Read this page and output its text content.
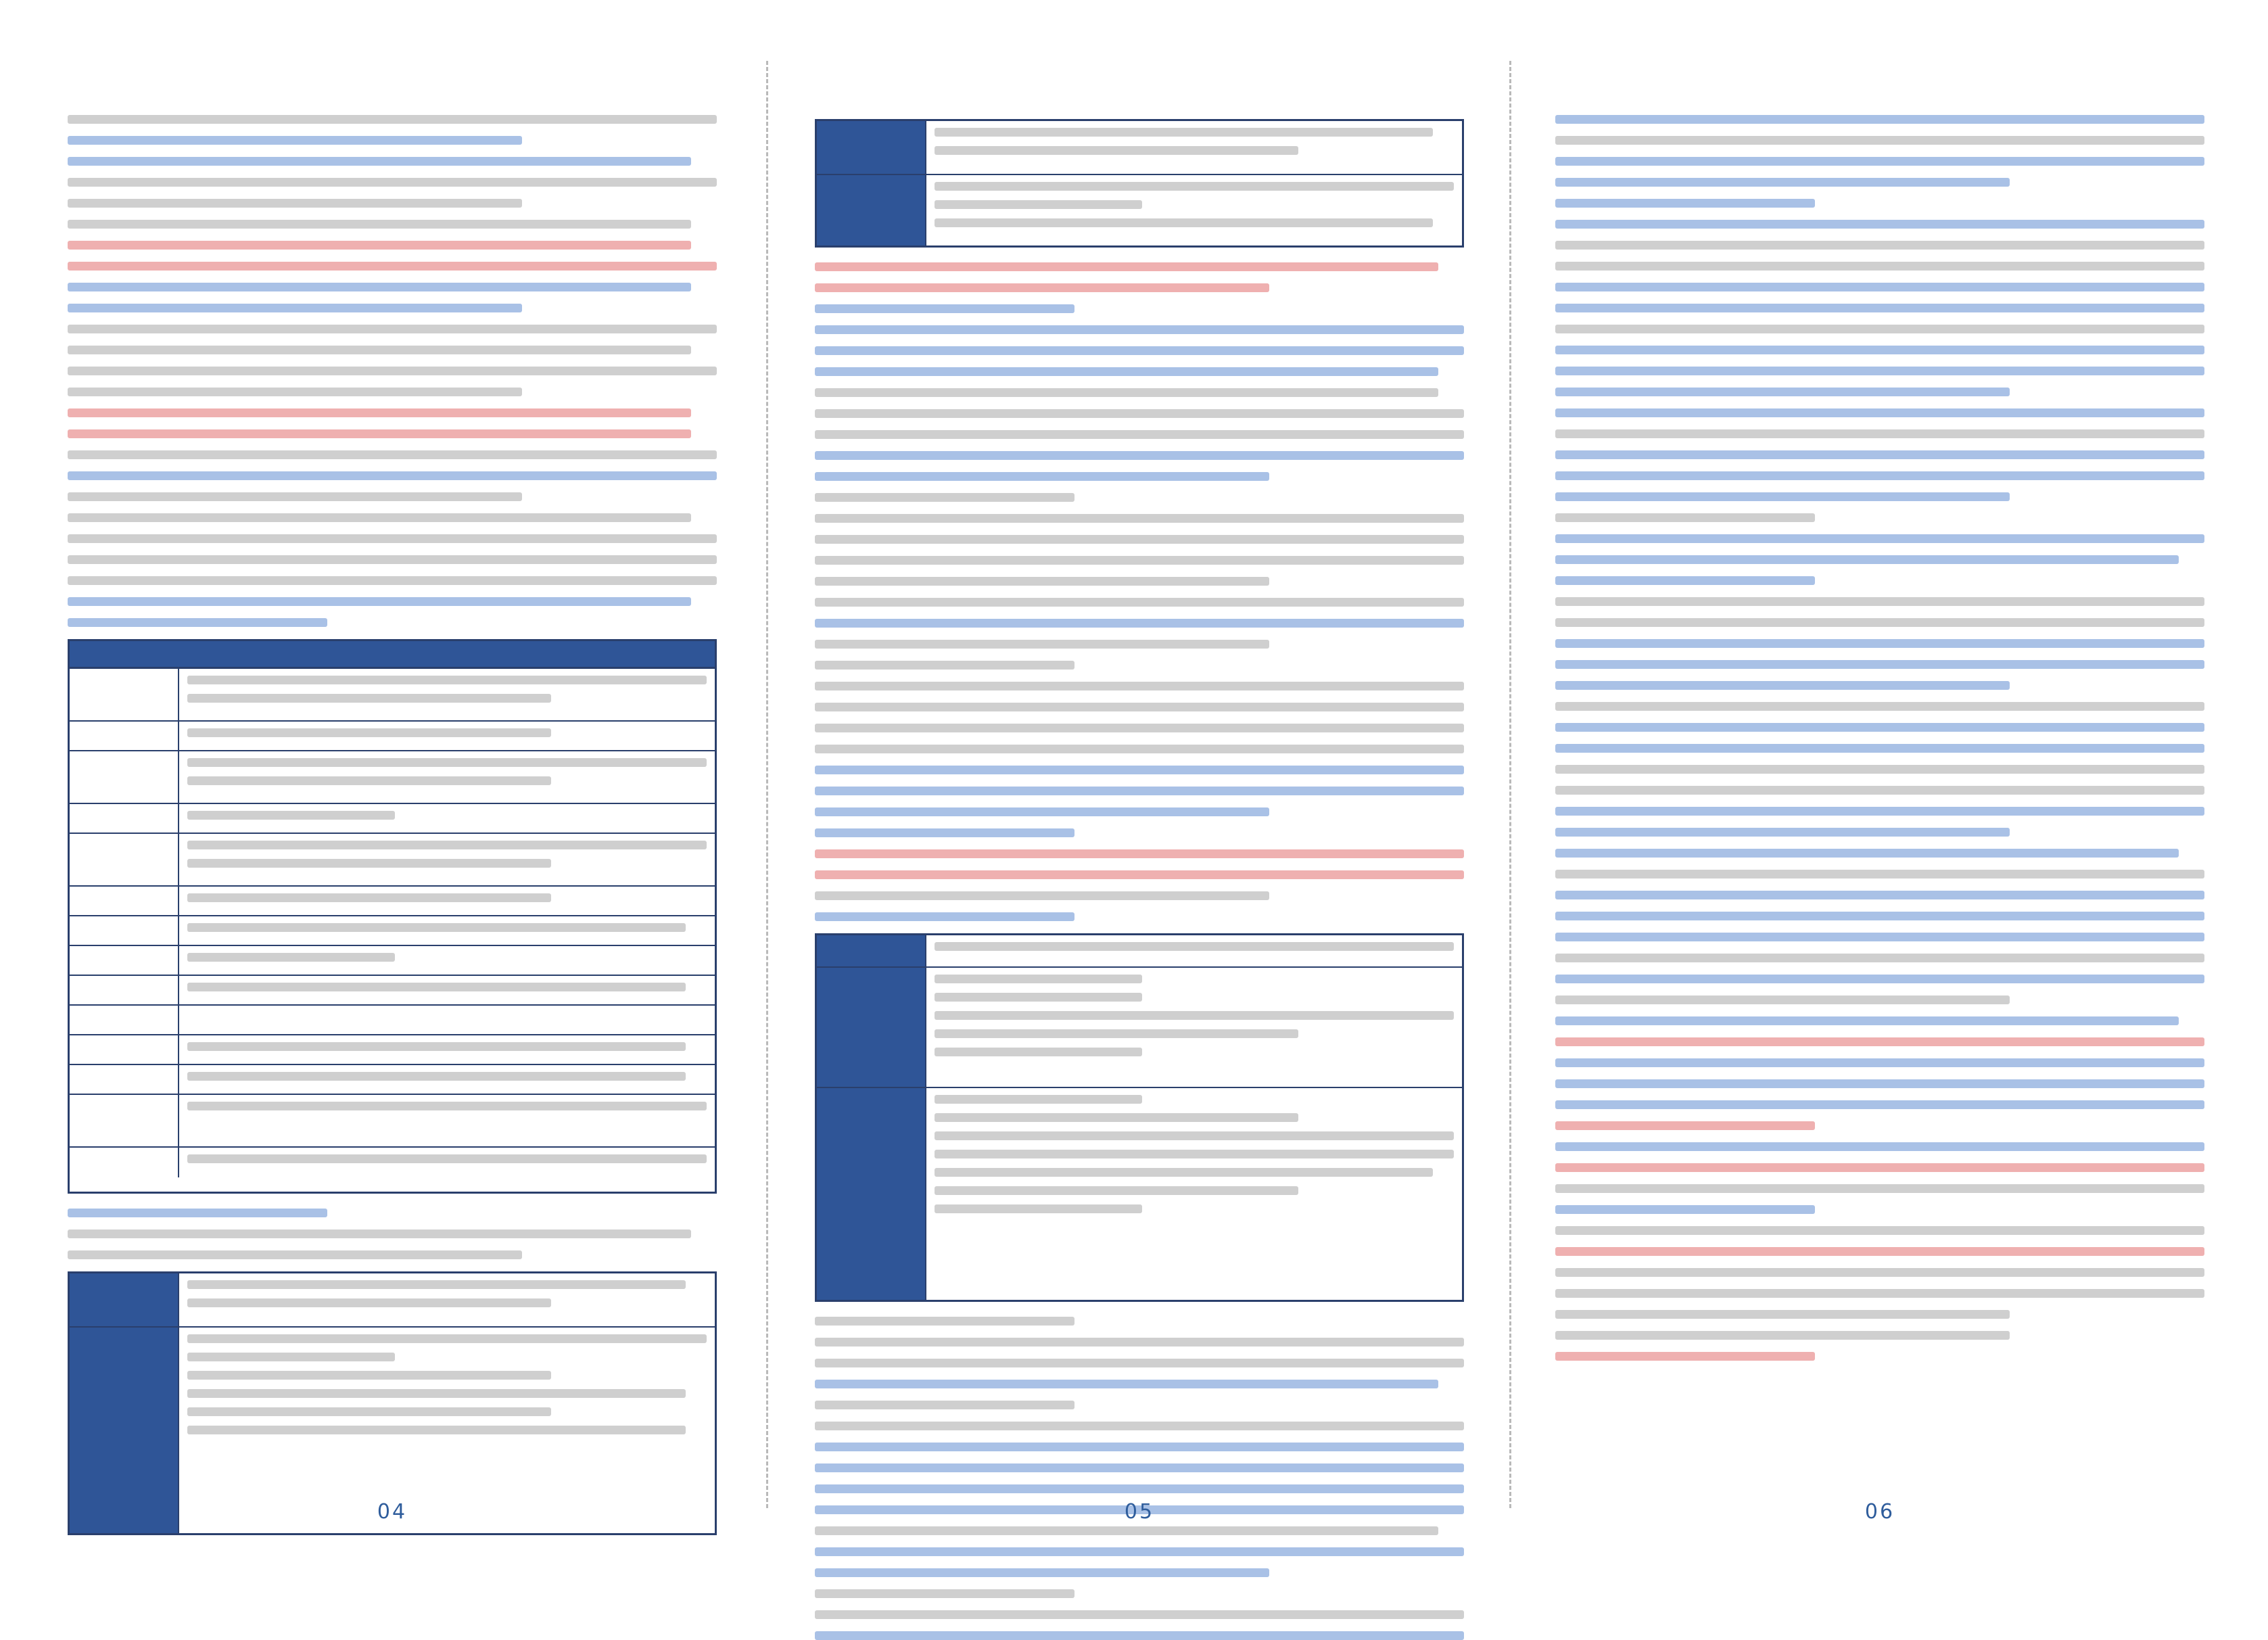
04	05	06
